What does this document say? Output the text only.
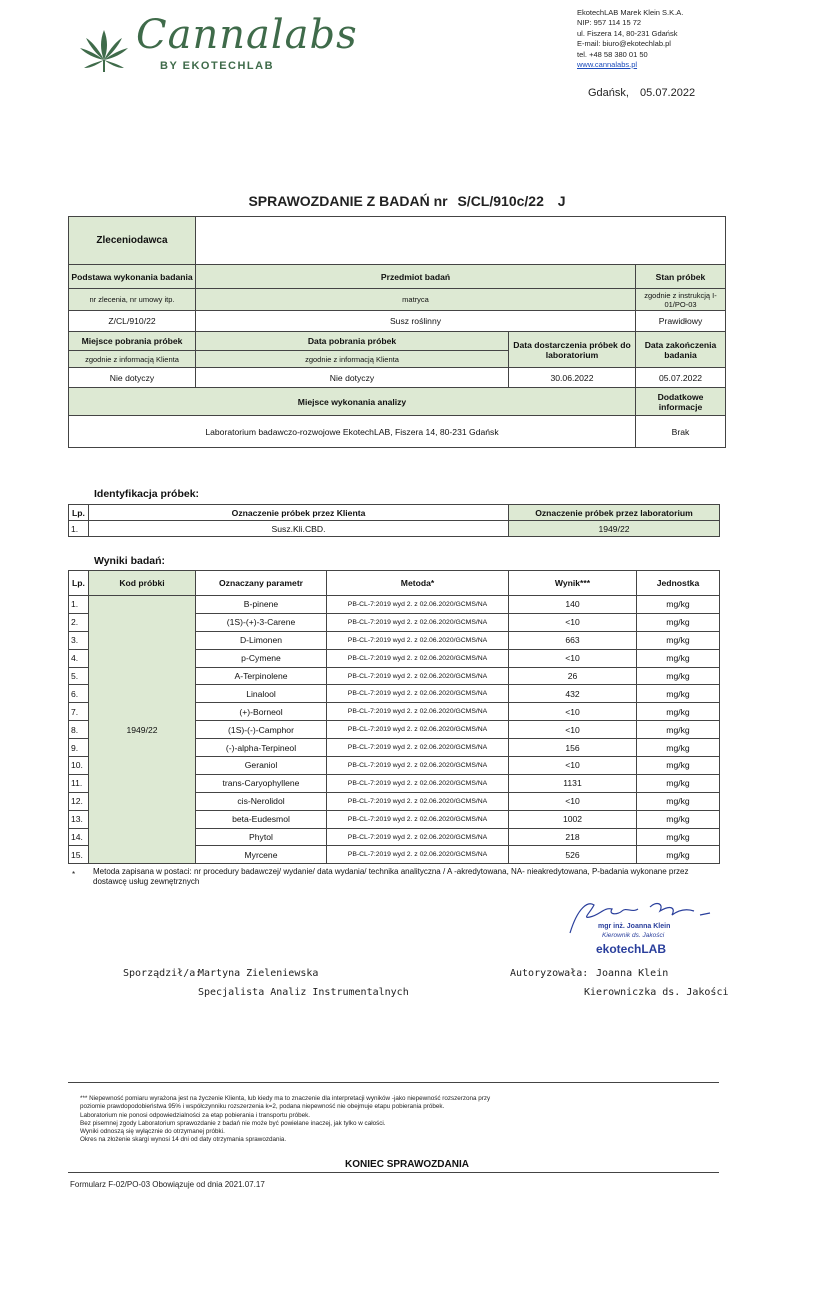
Cannalabs
BY EKOTECHLAB
EkotechLAB Marek Klein S.K.A.
NIP: 957 114 15 72
ul. Fiszera 14, 80-231 Gdańsk
E-mail: biuro@ekotechlab.pl
tel. +48 58 380 01 50
www.cannalabs.pl
Gdańsk, 05.07.2022
SPRAWOZDANIE Z BADAŃ nr S/CL/910c/22 J
Zleceniodawca			
Podstawa wykonania badania	Przedmiot badań		Stan próbek
nr zlecenia, nr umowy itp.	matryca		zgodnie z instrukcją I-01/PO-03
Z/CL/910/22	Susz roślinny		Prawidłowy
Miejsce pobrania próbek	Data pobrania próbek	Data dostarczenia próbek do laboratorium	Data zakończenia badania
zgodnie z informacją Klienta	zgodnie z informacją Klienta		
Nie dotyczy	Nie dotyczy	30.06.2022	05.07.2022
Miejsce wykonania analizy			Dodatkowe informacje
Laboratorium badawczo-rozwojowe EkotechLAB, Fiszera 14, 80-231 Gdańsk			Brak
Identyfikacja próbek:
Lp.	Oznaczenie próbek przez Klienta	Oznaczenie próbek przez laboratorium
1.	Susz.Kli.CBD.	1949/22
Wyniki badań:
Lp.	Kod próbki	Oznaczany parametr	Metoda*	Wynik***	Jednostka
1.	1949/22	B-pinene	PB-CL-7:2019 wyd 2. z 02.06.2020/GCMS/NA	140	mg/kg
2.		(1S)-(+)-3-Carene	PB-CL-7:2019 wyd 2. z 02.06.2020/GCMS/NA	<10	mg/kg
3.		D-Limonen	PB-CL-7:2019 wyd 2. z 02.06.2020/GCMS/NA	663	mg/kg
4.		p-Cymene	PB-CL-7:2019 wyd 2. z 02.06.2020/GCMS/NA	<10	mg/kg
5.		A-Terpinolene	PB-CL-7:2019 wyd 2. z 02.06.2020/GCMS/NA	26	mg/kg
6.		Linalool	PB-CL-7:2019 wyd 2. z 02.06.2020/GCMS/NA	432	mg/kg
7.		(+)-Borneol	PB-CL-7:2019 wyd 2. z 02.06.2020/GCMS/NA	<10	mg/kg
8.		(1S)-(-)-Camphor	PB-CL-7:2019 wyd 2. z 02.06.2020/GCMS/NA	<10	mg/kg
9.		(-)-alpha-Terpineol	PB-CL-7:2019 wyd 2. z 02.06.2020/GCMS/NA	156	mg/kg
10.		Geraniol	PB-CL-7:2019 wyd 2. z 02.06.2020/GCMS/NA	<10	mg/kg
11.		trans-Caryophyllene	PB-CL-7:2019 wyd 2. z 02.06.2020/GCMS/NA	1131	mg/kg
12.		cis-Nerolidol	PB-CL-7:2019 wyd 2. z 02.06.2020/GCMS/NA	<10	mg/kg
13.		beta-Eudesmol	PB-CL-7:2019 wyd 2. z 02.06.2020/GCMS/NA	1002	mg/kg
14.		Phytol	PB-CL-7:2019 wyd 2. z 02.06.2020/GCMS/NA	218	mg/kg
15.		Myrcene	PB-CL-7:2019 wyd 2. z 02.06.2020/GCMS/NA	526	mg/kg
* Metoda zapisana w postaci: nr procedury badawczej/ wydanie/ data wydania/ technika analityczna / A -akredytowana, NA- nieakredytowana, P-badania wykonane przez dostawcę usług zewnętrznych
mgr inż. Joanna Klein
Kierownik ds. Jakości
ekotechLAB
Sporządził/a:
Martyna Zieleniewska
Specjalista Analiz Instrumentalnych
Autoryzowała: Joanna Klein
Kierowniczka ds. Jakości
*** Niepewność pomiaru wyrażona jest na życzenie Klienta, lub kiedy ma to znaczenie dla interpretacji wyników -jako niepewność rozszerzona przy
poziomie prawdopodobieństwa 95% i współczynniku rozszerzenia k=2, podana niepewność nie obejmuje etapu pobierania próbek.
Laboratorium nie ponosi odpowiedzialności za etap pobierania i transportu próbek.
Bez pisemnej zgody Laboratorium sprawozdanie z badań nie może być powielane inaczej, jak tylko w całości.
Wyniki odnoszą się wyłącznie do otrzymanej próbki.
Okres na złożenie skargi wynosi 14 dni od daty otrzymania sprawozdania.
KONIEC SPRAWOZDANIA
Formularz F-02/PO-03 Obowiązuje od dnia 2021.07.17
